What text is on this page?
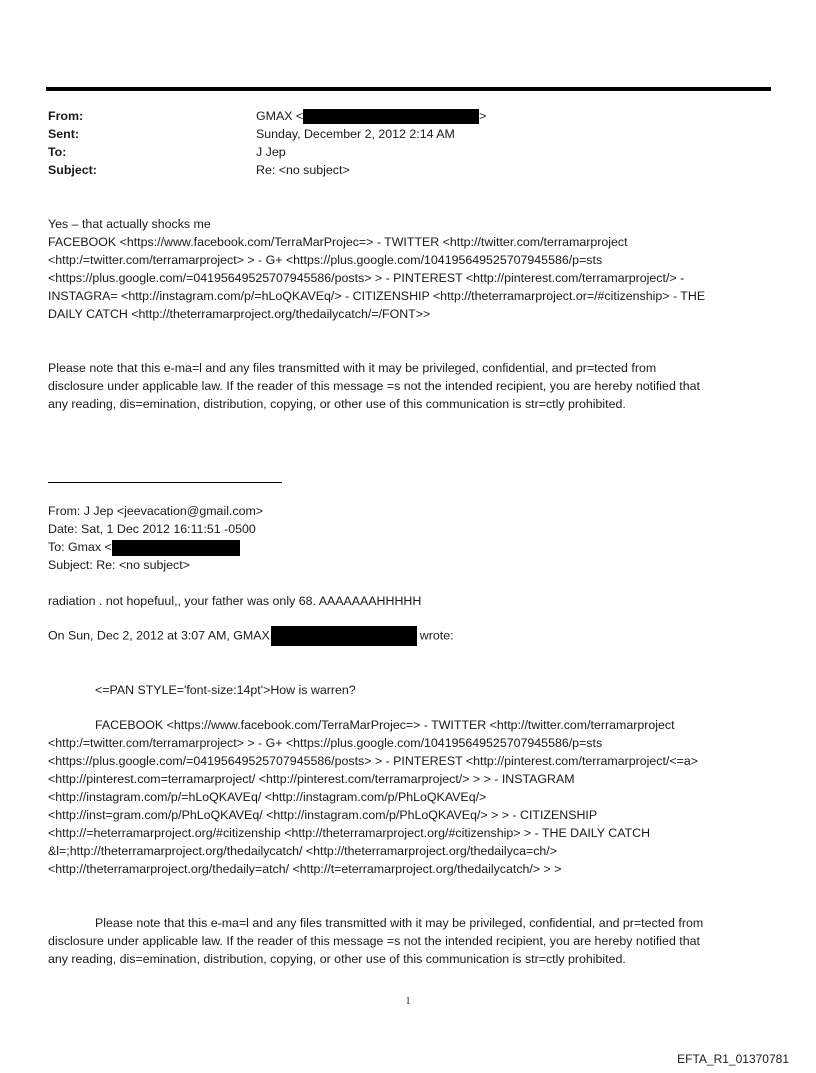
From:	GMAX <	>
Sent:	Sunday, December 2, 2012 2:14 AM
To:	J Jep
Subject:	Re: <no subject>
Yes – that actually shocks me
FACEBOOK <https://www.facebook.com/TerraMarProjec=> - TWITTER <http://twitter.com/terramarproject
<http:/=twitter.com/terramarproject> > - G+ <https://plus.google.com/104195649525707945586/p=sts
<https://plus.google.com/=04195649525707945586/posts> > - PINTEREST <http://pinterest.com/terramarproject/> -
INSTAGRA= <http://instagram.com/p/=hLoQKAVEq/> - CITIZENSHIP <http://theterramarproject.or=/#citizenship> - THE
DAILY CATCH <http://theterramarproject.org/thedailycatch/=/FONT>>
Please note that this e-ma=l and any files transmitted with it may be privileged, confidential, and pr=tected from
disclosure under applicable law. If the reader of this message =s not the intended recipient, you are hereby notified that
any reading, dis=emination, distribution, copying, or other use of this communication is str=ctly prohibited.
From: J Jep <jeevacation@gmail.com>
Date: Sat, 1 Dec 2012 16:11:51 -0500
To: Gmax <
Subject: Re: <no subject>
radiation . not hopefuul,, your father was only 68. AAAAAAAHHHHH
On Sun, Dec 2, 2012 at 3:07 AM, GMAX	wrote:
<=PAN STYLE='font-size:14pt'>How is warren?
FACEBOOK <https://www.facebook.com/TerraMarProjec=> - TWITTER <http://twitter.com/terramarproject
<http:/=twitter.com/terramarproject> > - G+ <https://plus.google.com/104195649525707945586/p=sts
<https://plus.google.com/=04195649525707945586/posts> > - PINTEREST <http://pinterest.com/terramarproject/<=a>
<http://pinterest.com=terramarproject/ <http://pinterest.com/terramarproject/> > > - INSTAGRAM
<http://instagram.com/p/=hLoQKAVEq/ <http://instagram.com/p/PhLoQKAVEq/>
<http://inst=gram.com/p/PhLoQKAVEq/ <http://instagram.com/p/PhLoQKAVEq/> > > - CITIZENSHIP
<http://=heterramarproject.org/#citizenship <http://theterramarproject.org/#citizenship> > - THE DAILY CATCH
&l=;http://theterramarproject.org/thedailycatch/ <http://theterramarproject.org/thedailyca=ch/>
<http://theterramarproject.org/thedaily=atch/ <http://t=eterramarproject.org/thedailycatch/> > >
Please note that this e-ma=l and any files transmitted with it may be privileged, confidential, and pr=tected from
disclosure under applicable law. If the reader of this message =s not the intended recipient, you are hereby notified that
any reading, dis=emination, distribution, copying, or other use of this communication is str=ctly prohibited.
1
EFTA_R1_01370781
